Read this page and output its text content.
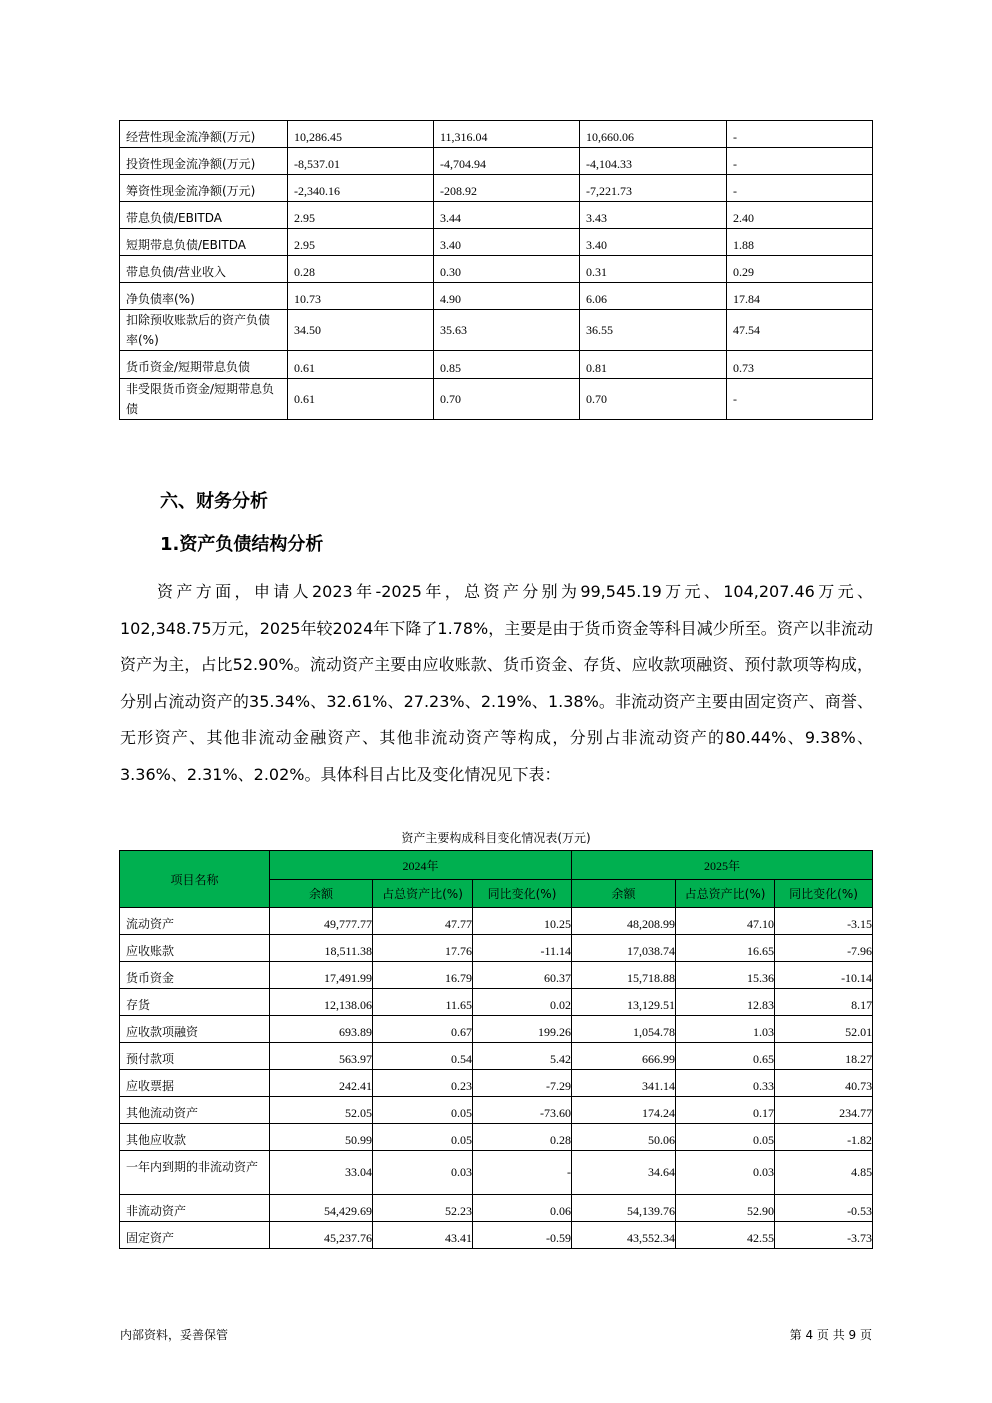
经营性现金流净额(万元)	10,286.45	11,316.04	10,660.06	-
投资性现金流净额(万元)	-8,537.01	-4,704.94	-4,104.33	-
筹资性现金流净额(万元)	-2,340.16	-208.92	-7,221.73	-
带息负债/EBITDA	2.95	3.44	3.43	2.40
短期带息负债/EBITDA	2.95	3.40	3.40	1.88
带息负债/营业收入	0.28	0.30	0.31	0.29
净负债率(%)	10.73	4.90	6.06	17.84
扣除预收账款后的资产负债率(%)	34.50	35.63	36.55	47.54
货币资金/短期带息负债	0.61	0.85	0.81	0.73
非受限货币资金/短期带息负债	0.61	0.70	0.70	-
六、财务分析
1.资产负债结构分析
资产方面，申请人2023年-2025年，总资产分别为99,545.19万元、104,207.46万元、102,348.75万元，2025年较2024年下降了1.78%，主要是由于货币资金等科目减少所至。资产以非流动资产为主，占比52.90%。流动资产主要由应收账款、货币资金、存货、应收款项融资、预付款项等构成，分别占流动资产的35.34%、32.61%、27.23%、2.19%、1.38%。非流动资产主要由固定资产、商誉、无形资产、其他非流动金融资产、其他非流动资产等构成，分别占非流动资产的80.44%、9.38%、3.36%、2.31%、2.02%。具体科目占比及变化情况见下表：
资产主要构成科目变化情况表(万元)
项目名称	2024年			2025年		
	余额	占总资产比(%)	同比变化(%)	余额	占总资产比(%)	同比变化(%)
流动资产	49,777.77	47.77	10.25	48,208.99	47.10	-3.15
应收账款	18,511.38	17.76	-11.14	17,038.74	16.65	-7.96
货币资金	17,491.99	16.79	60.37	15,718.88	15.36	-10.14
存货	12,138.06	11.65	0.02	13,129.51	12.83	8.17
应收款项融资	693.89	0.67	199.26	1,054.78	1.03	52.01
预付款项	563.97	0.54	5.42	666.99	0.65	18.27
应收票据	242.41	0.23	-7.29	341.14	0.33	40.73
其他流动资产	52.05	0.05	-73.60	174.24	0.17	234.77
其他应收款	50.99	0.05	0.28	50.06	0.05	-1.82
一年内到期的非流动资产	33.04	0.03	-	34.64	0.03	4.85
非流动资产	54,429.69	52.23	0.06	54,139.76	52.90	-0.53
固定资产	45,237.76	43.41	-0.59	43,552.34	42.55	-3.73
内部资料，妥善保管	第 4 页 共 9 页
